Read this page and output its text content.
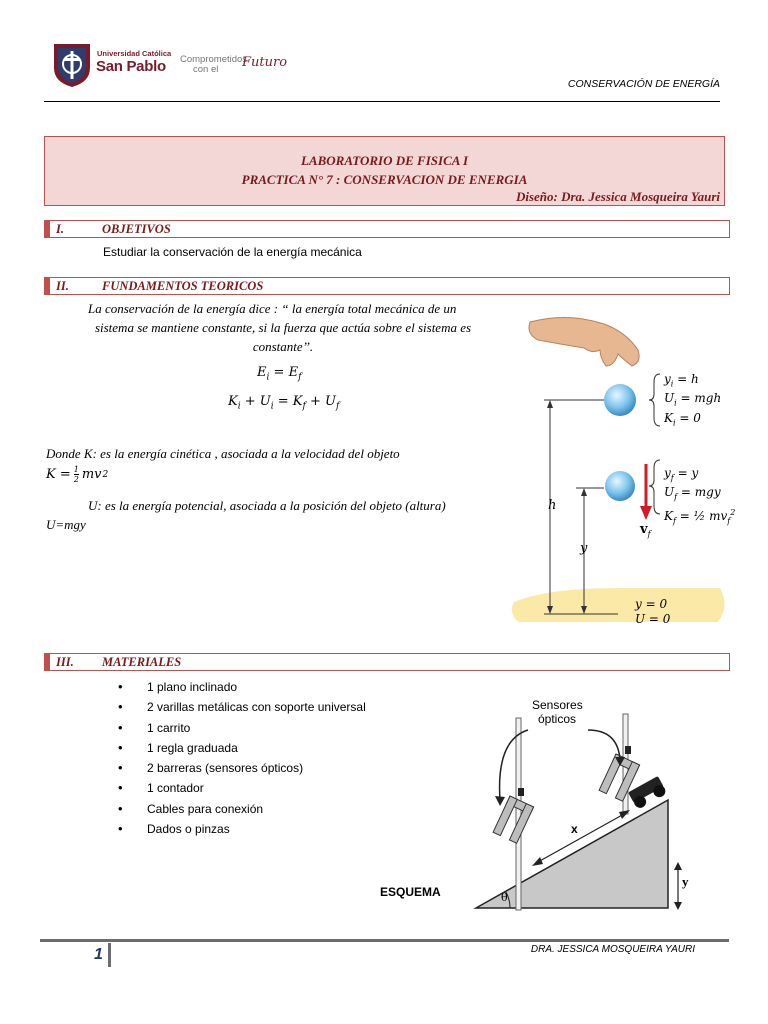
Universidad Católica
San Pablo Comprometidos
con el Futuro
CONSERVACIÓN DE ENERGÍA
LABORATORIO DE FISICA I
PRACTICA N° 7 : CONSERVACION DE ENERGIA
Diseño: Dra. Jessica Mosqueira Yauri
I.	OBJETIVOS
Estudiar la conservación de la energía mecánica
II.	FUNDAMENTOS TEORICOS
La conservación de la energía dice : “ la energía total mecánica de un
sistema se mantiene constante, si la fuerza que actúa sobre el sistema es
constante’’.
$E_i = E_f$
$K_i + U_i = K_f + U_f$
Donde K: es la energía cinética , asociada a la velocidad del objeto
$K = \frac{1}{2}$ mv 2
U: es la energía potencial, asociada a la posición del objeto (altura)
U=mgy
$y_i = h$
$U_i$ = mgh
$K_i = 0$
$y_f = y$
$U_f$ = mgy
$K_f$ = ½ $mv_f^2$
$v_f$
h
y
y = 0
U = 0
III. MATERIALES
• 1 plano inclinado
• 2 varillas metálicas con soporte universal
• 1 carrito
• 1 regla graduada
• 2 barreras (sensores ópticos)
• 1 contador
• Cables para conexión
• Dados o pinzas
ESQUEMA
Sensores
ópticos
x
y
θ
1	DRA. JESSICA MOSQUEIRA YAURI
